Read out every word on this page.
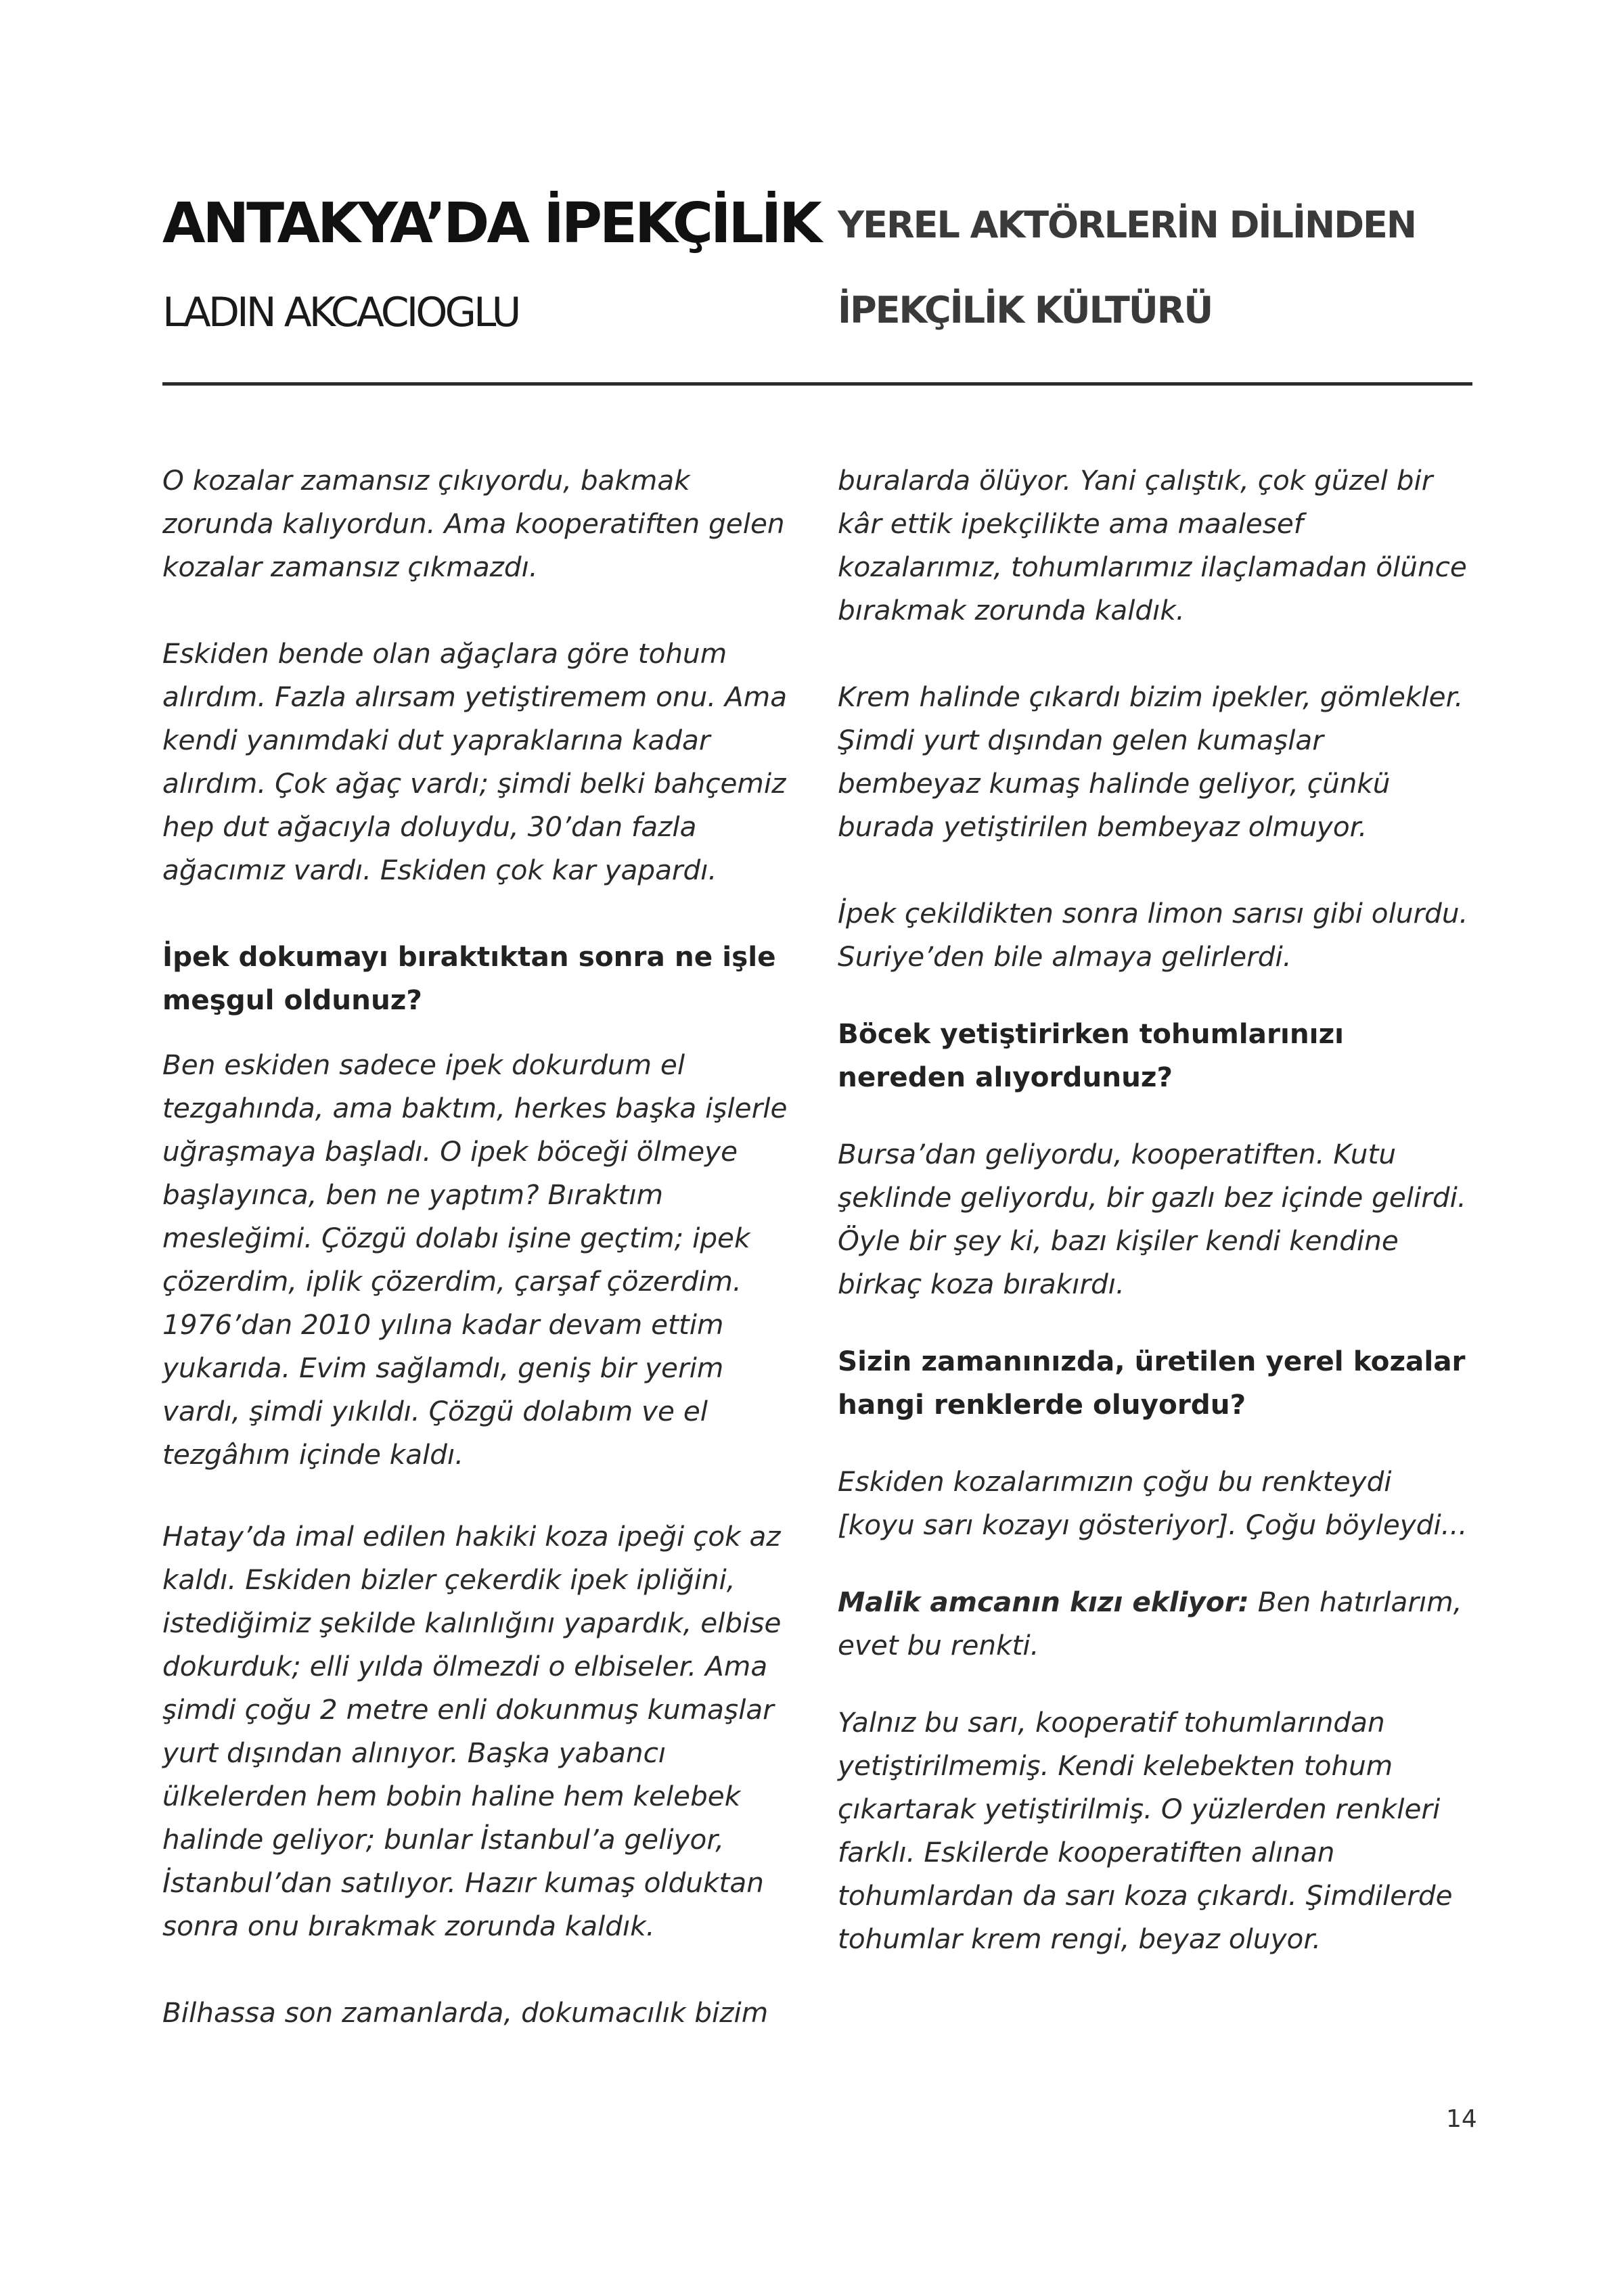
ANTAKYA’DA İPEKÇİLİK
LADIN AKCACIOGLU
YEREL AKTÖRLERİN DİLİNDEN
İPEKÇİLİK KÜLTÜRÜ

O kozalar zamansız çıkıyordu, bakmak zorunda kalıyordun. Ama kooperatiften gelen kozalar zamansız çıkmazdı.

Eskiden bende olan ağaçlara göre tohum alırdım. Fazla alırsam yetiştiremem onu. Ama kendi yanımdaki dut yapraklarına kadar alırdım. Çok ağaç vardı; şimdi belki bahçemiz hep dut ağacıyla doluydu, 30’dan fazla ağacımız vardı. Eskiden çok kar yapardı.

İpek dokumayı bıraktıktan sonra ne işle meşgul oldunuz?

Ben eskiden sadece ipek dokurdum el tezgahında, ama baktım, herkes başka işlerle uğraşmaya başladı. O ipek böceği ölmeye başlayınca, ben ne yaptım? Bıraktım mesleğimi. Çözgü dolabı işine geçtim; ipek çözerdim, iplik çözerdim, çarşaf çözerdim. 1976’dan 2010 yılına kadar devam ettim yukarıda. Evim sağlamdı, geniş bir yerim vardı, şimdi yıkıldı. Çözgü dolabım ve el tezgâhım içinde kaldı.

Hatay’da imal edilen hakiki koza ipeği çok az kaldı. Eskiden bizler çekerdik ipek ipliğini, istediğimiz şekilde kalınlığını yapardık, elbise dokurduk; elli yılda ölmezdi o elbiseler. Ama şimdi çoğu 2 metre enli dokunmuş kumaşlar yurt dışından alınıyor. Başka yabancı ülkelerden hem bobin haline hem kelebek halinde geliyor; bunlar İstanbul’a geliyor, İstanbul’dan satılıyor. Hazır kumaş olduktan sonra onu bırakmak zorunda kaldık.

Bilhassa son zamanlarda, dokumacılık bizim

buralarda ölüyor. Yani çalıştık, çok güzel bir kâr ettik ipekçilikte ama maalesef kozalarımız, tohumlarımız ilaçlamadan ölünce bırakmak zorunda kaldık.

Krem halinde çıkardı bizim ipekler, gömlekler. Şimdi yurt dışından gelen kumaşlar bembeyaz kumaş halinde geliyor, çünkü burada yetiştirilen bembeyaz olmuyor.

İpek çekildikten sonra limon sarısı gibi olurdu. Suriye’den bile almaya gelirlerdi.

Böcek yetiştirirken tohumlarınızı nereden alıyordunuz?

Bursa’dan geliyordu, kooperatiften. Kutu şeklinde geliyordu, bir gazlı bez içinde gelirdi. Öyle bir şey ki, bazı kişiler kendi kendine birkaç koza bırakırdı.

Sizin zamanınızda, üretilen yerel kozalar hangi renklerde oluyordu?

Eskiden kozalarımızın çoğu bu renkteydi [koyu sarı kozayı gösteriyor]. Çoğu böyleydi...

Malik amcanın kızı ekliyor: Ben hatırlarım, evet bu renkti.

Yalnız bu sarı, kooperatif tohumlarından yetiştirilmemiş. Kendi kelebekten tohum çıkartarak yetiştirilmiş. O yüzlerden renkleri farklı. Eskilerde kooperatiften alınan tohumlardan da sarı koza çıkardı. Şimdilerde tohumlar krem rengi, beyaz oluyor.

14
